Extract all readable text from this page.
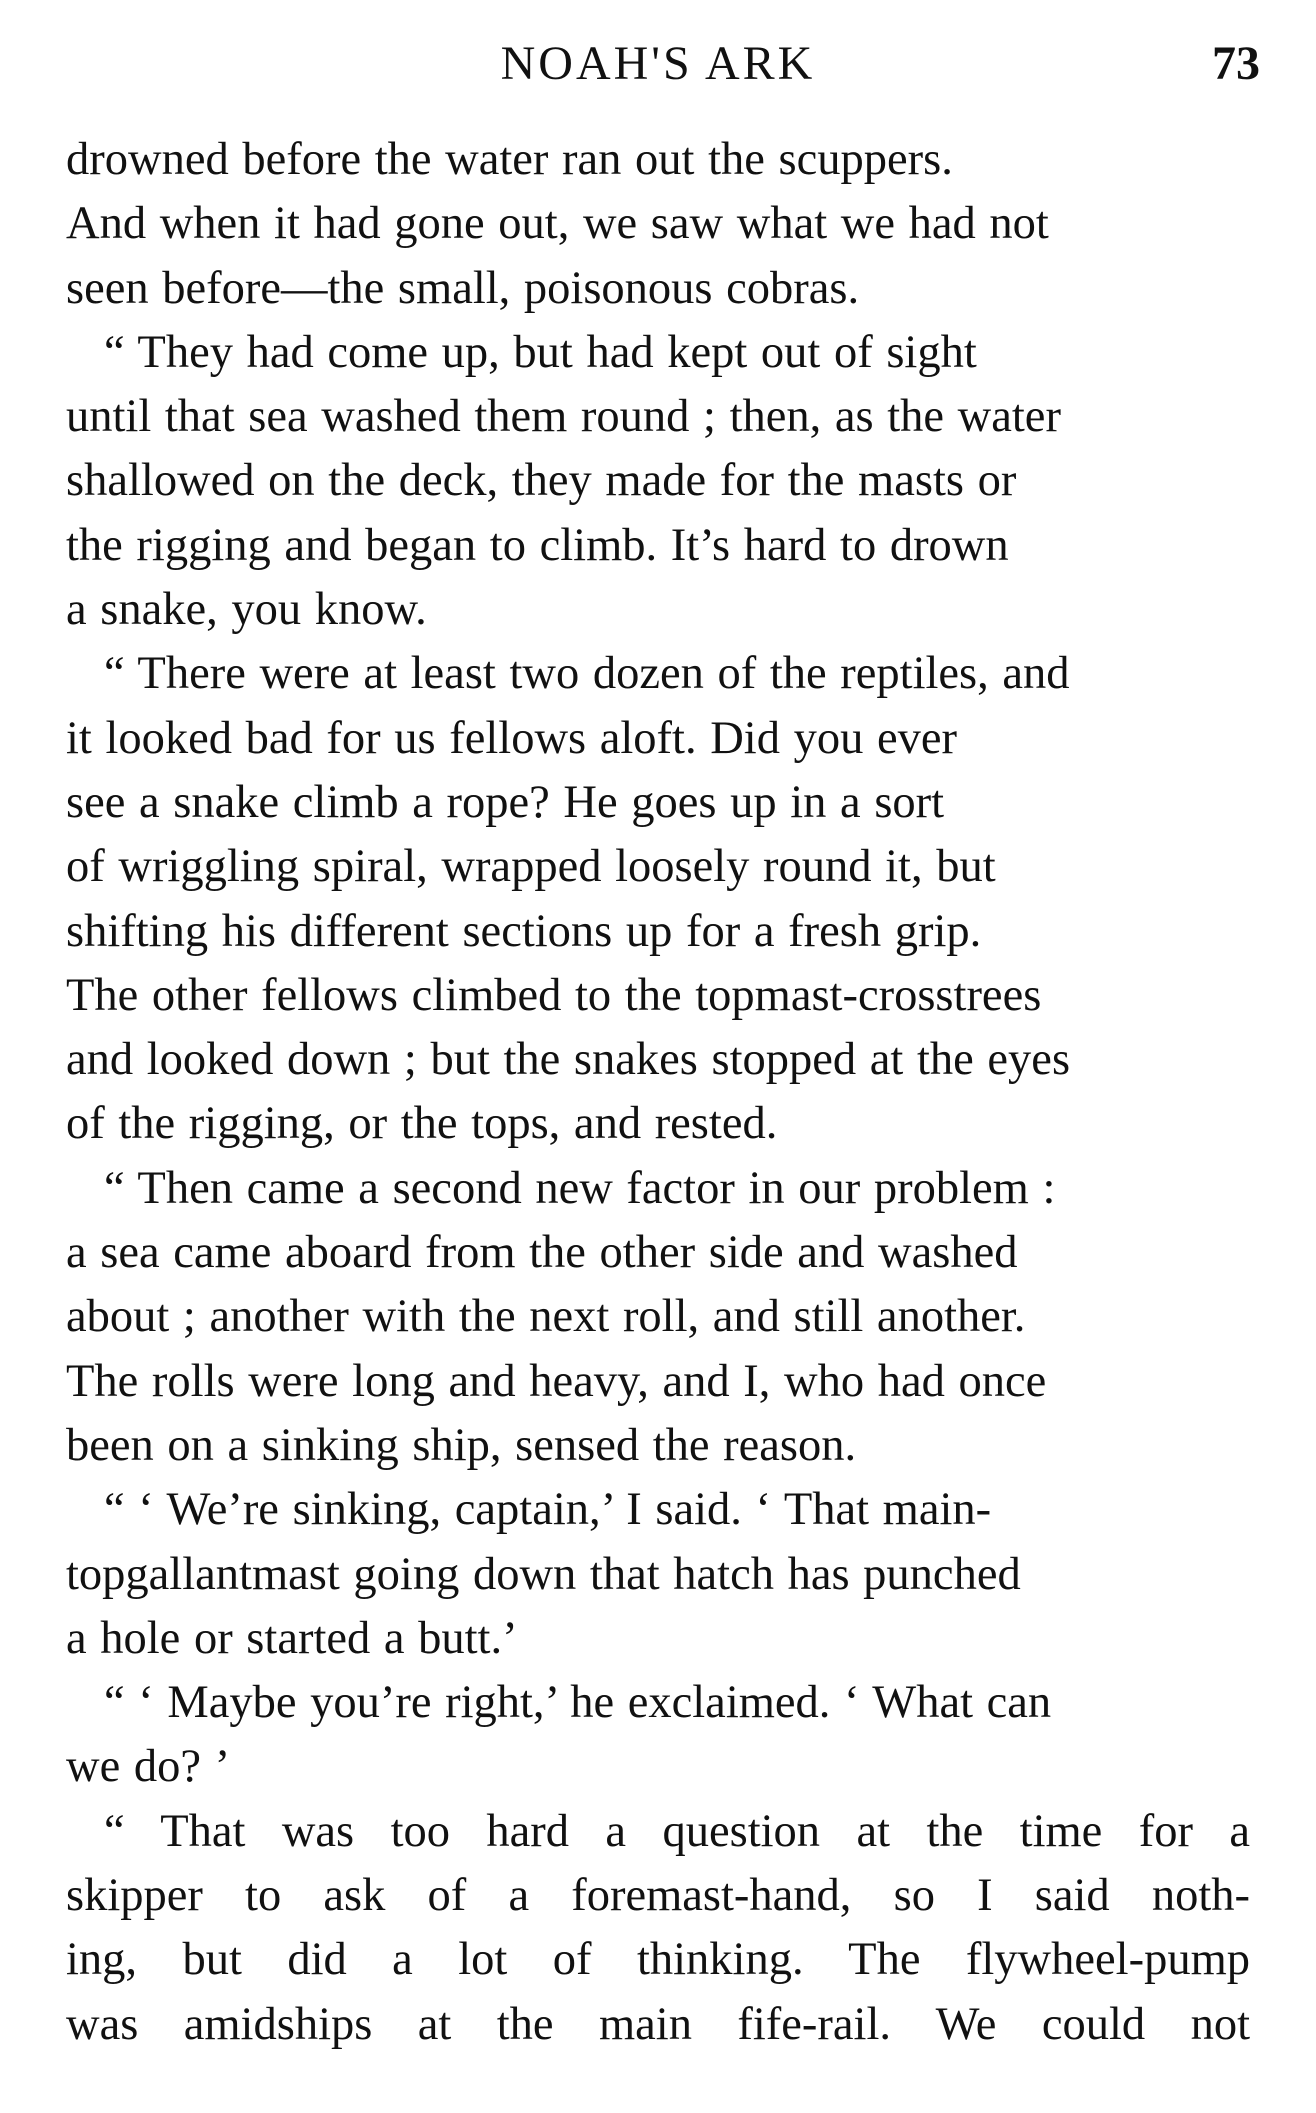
NOAH'S ARK	73

drowned before the water ran out the scuppers.
And when it had gone out, we saw what we had not
seen before—the small, poisonous cobras.

“ They had come up, but had kept out of sight
until that sea washed them round ; then, as the water
shallowed on the deck, they made for the masts or
the rigging and began to climb. It’s hard to drown
a snake, you know.

“ There were at least two dozen of the reptiles, and
it looked bad for us fellows aloft. Did you ever
see a snake climb a rope? He goes up in a sort
of wriggling spiral, wrapped loosely round it, but
shifting his different sections up for a fresh grip.
The other fellows climbed to the topmast-crosstrees
and looked down ; but the snakes stopped at the eyes
of the rigging, or the tops, and rested.

“ Then came a second new factor in our problem :
a sea came aboard from the other side and washed
about ; another with the next roll, and still another.
The rolls were long and heavy, and I, who had once
been on a sinking ship, sensed the reason.

“ ‘ We’re sinking, captain,’ I said. ‘ That main-
topgallantmast going down that hatch has punched
a hole or started a butt.’

“ ‘ Maybe you’re right,’ he exclaimed. ‘ What can
we do? ’

“ That was too hard a question at the time for a
skipper to ask of a foremast-hand, so I said noth-
ing, but did a lot of thinking. The flywheel-pump
was amidships at the main fife-rail. We could not
